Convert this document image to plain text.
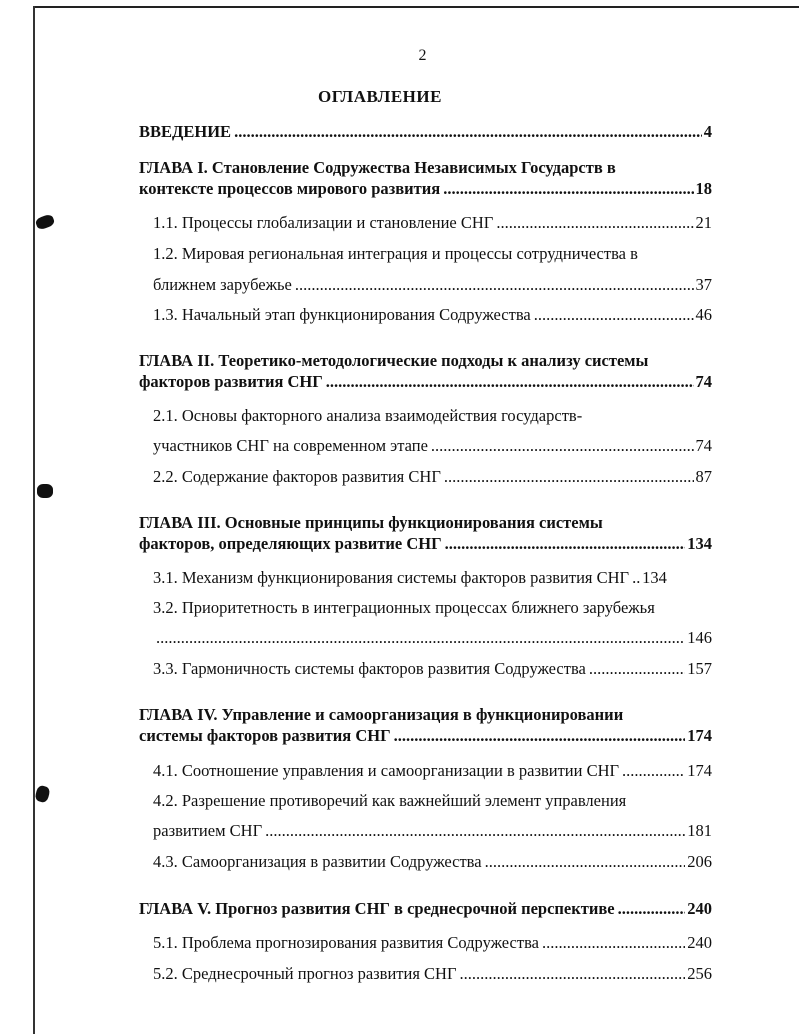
2
ОГЛАВЛЕНИЕ
ВВЕДЕНИЕ .....	4
ГЛАВА I. Становление Содружества Независимых Государств в
контексте процессов мирового развития .....	18
1.1. Процессы глобализации и становление СНГ .....	21
1.2. Мировая региональная интеграция и процессы сотрудничества в
ближнем зарубежье .....	37
1.3. Начальный этап функционирования Содружества .....	46
ГЛАВА II. Теоретико-методологические подходы к анализу системы
факторов развития СНГ .....	74
2.1. Основы факторного анализа взаимодействия государств-
участников СНГ на современном этапе .....	74
2.2. Содержание факторов развития СНГ .....	87
ГЛАВА III. Основные принципы функционирования системы
факторов, определяющих развитие СНГ .....	134
3.1. Механизм функционирования системы факторов развития СНГ ..... 134
3.2. Приоритетность в интеграционных процессах ближнего зарубежья
.....
146
3.3. Гармоничность системы факторов развития Содружества .....	157
ГЛАВА IV. Управление и самоорганизация в функционировании
системы факторов развития СНГ .....	174
4.1. Соотношение управления и самоорганизации в развитии СНГ .....	174
4.2. Разрешение противоречий как важнейший элемент управления
развитием СНГ .....	181
4.3. Самоорганизация в развитии Содружества .....	206
ГЛАВА V. Прогноз развития СНГ в среднесрочной перспективе .....	240
5.1. Проблема прогнозирования развития Содружества .....	240
5.2. Среднесрочный прогноз развития СНГ .....	256
